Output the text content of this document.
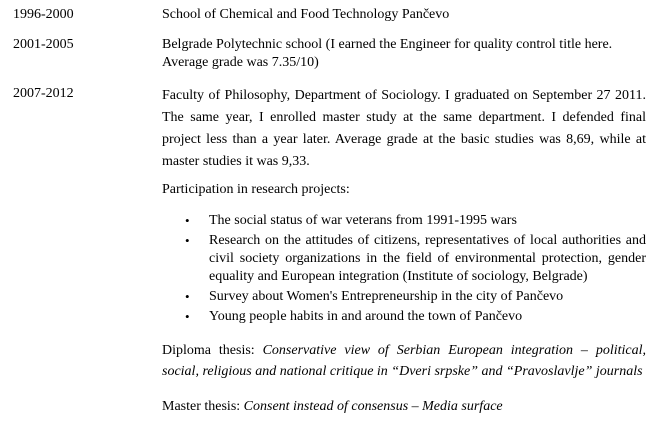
1996-2000	School of Chemical and Food Technology Pančevo
2001-2005	Belgrade Polytechnic school (I earned the Engineer for quality control title here.
Average grade was 7.35/10)
2007-2012	Faculty of Philosophy, Department of Sociology. I graduated on September 27 2011. The same year, I enrolled master study at the same department. I defended final project less than a year later. Average grade at the basic studies was 8,69, while at master studies it was 9,33.

Participation in research projects:

• The social status of war veterans from 1991-1995 wars
• Research on the attitudes of citizens, representatives of local authorities and civil society organizations in the field of environmental protection, gender equality and European integration (Institute of sociology, Belgrade)
• Survey about Women's Entrepreneurship in the city of Pančevo
• Young people habits in and around the town of Pančevo

Diploma thesis: Conservative view of Serbian European integration – political, social, religious and national critique in “Dveri srpske” and “Pravoslavlje” journals

Master thesis: Consent instead of consensus – Media surface
